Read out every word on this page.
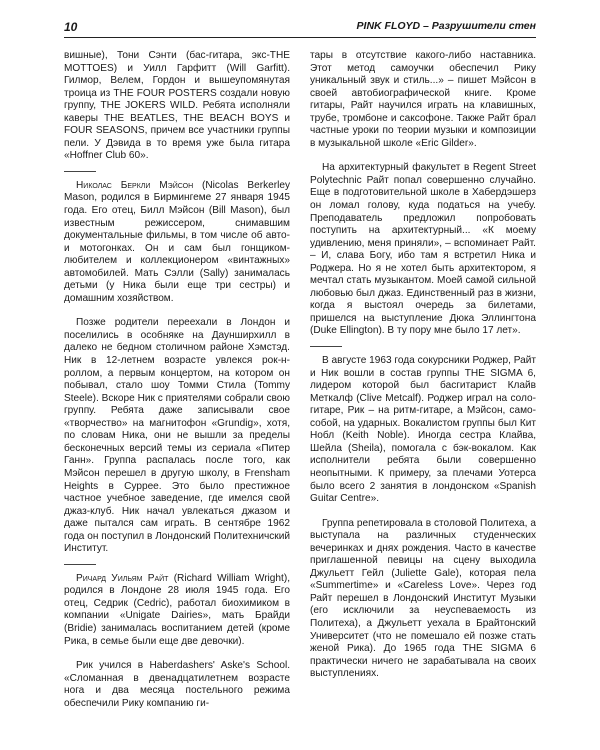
10	PINK FLOYD – Разрушители стен

вишные), Тони Сэнти (бас-гитара, экс-THE MOTTOES) и Уилл Гарфитт (Will Garfitt). Гилмор, Велем, Гордон и вышеупомянутая троица из THE FOUR POSTERS создали новую группу, THE JOKERS WILD. Ребята исполняли каверы THE BEATLES, THE BEACH BOYS и FOUR SEASONS, причем все участники группы пели. У Дэвида в то время уже была гитара «Hoffner Club 60».

Николас Беркли Мэйсон (Nicolas Berkerley Mason, родился в Бирмингеме 27 января 1945 года. Его отец, Билл Мэйсон (Bill Mason), был известным режиссером, снимавшим документальные фильмы, в том числе об авто- и мотогонках. Он и сам был гонщиком-любителем и коллекционером «винтажных» автомобилей. Мать Сэлли (Sally) занималась детьми (у Ника были еще три сестры) и домашним хозяйством.

Позже родители переехали в Лондон и поселились в особняке на Даунширхилл в далеко не бедном столичном районе Хэмстэд. Ник в 12-летнем возрасте увлекся рок-н-роллом, а первым концертом, на котором он побывал, стало шоу Томми Стила (Tommy Steele). Вскоре Ник с приятелями собрали свою группу. Ребята даже записывали свое «творчество» на магнитофон «Grundig», хотя, по словам Ника, они не вышли за пределы бесконечных версий темы из сериала «Питер Ганн». Группа распалась после того, как Мэйсон перешел в другую школу, в Frensham Heights в Суррее. Это было престижное частное учебное заведение, где имелся свой джаз-клуб. Ник начал увлекаться джазом и даже пытался сам играть. В сентябре 1962 года он поступил в Лондонский Политехничский Институт.

Ричард Уильям Райт (Richard William Wright), родился в Лондоне 28 июля 1945 года. Его отец, Седрик (Cedric), работал биохимиком в компании «Unigate Dairies», мать Брайди (Bridie) занималась воспитанием детей (кроме Рика, в семье были еще две девочки).

Рик учился в Haberdashers' Aske's School. «Сломанная в двенадцатилетнем возрасте нога и два месяца постельного режима обеспечили Рику компанию ги-

тары в отсутствие какого-либо наставника. Этот метод самоучки обеспечил Рику уникальный звук и стиль...» – пишет Мэйсон в своей автобиографической книге. Кроме гитары, Райт научился играть на клавишных, трубе, тромбоне и саксофоне. Также Райт брал частные уроки по теории музыки и композиции в музыкальной школе «Eric Gilder».

На архитектурный факультет в Regent Street Polytechnic Райт попал совершенно случайно. Еще в подготовительной школе в Хабердэшерз он ломал голову, куда податься на учебу. Преподаватель предложил попробовать поступить на архитектурный... «К моему удивлению, меня приняли», – вспоминает Райт. – И, слава Богу, ибо там я встретил Ника и Роджера. Но я не хотел быть архитектором, я мечтал стать музыкантом. Моей самой сильной любовью был джаз. Единственный раз в жизни, когда я выстоял очередь за билетами, пришелся на выступление Дюка Эллингтона (Duke Ellington). В ту пору мне было 17 лет».

В августе 1963 года сокурсники Роджер, Райт и Ник вошли в состав группы THE SIGMA 6, лидером которой был басгитарист Клайв Меткалф (Clive Metcalf). Роджер играл на соло-гитаре, Рик – на ритм-гитаре, а Мэйсон, само-собой, на ударных. Вокалистом группы был Кит Нобл (Keith Noble). Иногда сестра Клайва, Шейла (Sheila), помогала с бэк-вокалом. Как исполнители ребята были совершенно неопытными. К примеру, за плечами Уотерса было всего 2 занятия в лондонском «Spanish Guitar Centre».

Группа репетировала в столовой Политеха, а выступала на различных студенческих вечеринках и днях рождения. Часто в качестве приглашенной певицы на сцену выходила Джульетт Гейл (Juliette Gale), которая пела «Summertime» и «Careless Love». Через год Райт перешел в Лондонский Институт Музыки (его исключили за неуспеваемость из Политеха), а Джульетт уехала в Брайтонский Университет (что не помешало ей позже стать женой Рика). До 1965 года THE SIGMA 6 практически ничего не зарабатывала на своих выступлениях.
